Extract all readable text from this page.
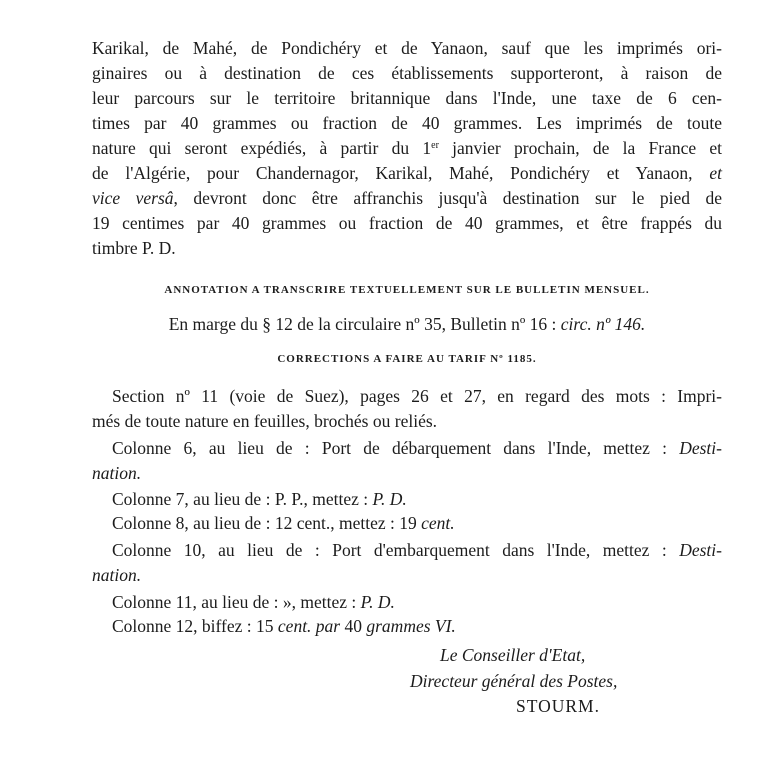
Karikal, de Mahé, de Pondichéry et de Yanaon, sauf que les imprimés ori-
ginaires ou à destination de ces établissements supporteront, à raison de
leur parcours sur le territoire britannique dans l'Inde, une taxe de 6 cen-
times par 40 grammes ou fraction de 40 grammes. Les imprimés de toute
nature qui seront expédiés, à partir du 1er janvier prochain, de la France et
de l'Algérie, pour Chandernagor, Karikal, Mahé, Pondichéry et Yanaon, et
vice versâ, devront donc être affranchis jusqu'à destination sur le pied de
19 centimes par 40 grammes ou fraction de 40 grammes, et être frappés du
timbre P. D.
ANNOTATION A TRANSCRIRE TEXTUELLEMENT SUR LE BULLETIN MENSUEL.
En marge du § 12 de la circulaire nº 35, Bulletin nº 16 : circ. nº 146.
CORRECTIONS A FAIRE AU TARIF Nº 1185.
Section nº 11 (voie de Suez), pages 26 et 27, en regard des mots : Impri-
més de toute nature en feuilles, brochés ou reliés.
Colonne 6, au lieu de : Port de débarquement dans l'Inde, mettez : Desti-
nation.
Colonne 7, au lieu de : P. P., mettez : P. D.
Colonne 8, au lieu de : 12 cent., mettez : 19 cent.
Colonne 10, au lieu de : Port d'embarquement dans l'Inde, mettez : Desti-
nation.
Colonne 11, au lieu de : », mettez : P. D.
Colonne 12, biffez : 15 cent. par 40 grammes VI.
Le Conseiller d'Etat,
Directeur général des Postes,
STOURM.
